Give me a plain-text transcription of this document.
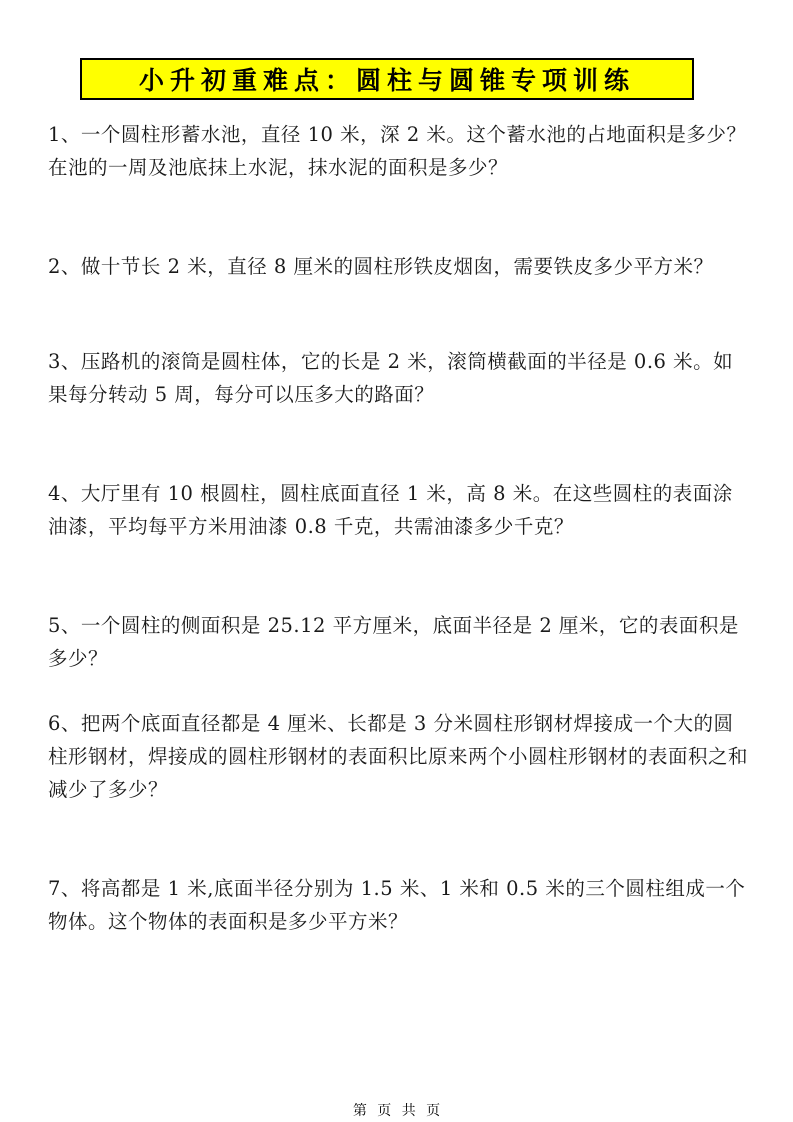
小升初重难点：圆柱与圆锥专项训练

1、一个圆柱形蓄水池，直径 10 米，深 2 米。这个蓄水池的占地面积是多少？在池的一周及池底抹上水泥，抹水泥的面积是多少？

2、做十节长 2 米，直径 8 厘米的圆柱形铁皮烟囱，需要铁皮多少平方米？

3、压路机的滚筒是圆柱体，它的长是 2 米，滚筒横截面的半径是 0.6 米。如果每分转动 5 周，每分可以压多大的路面？

4、大厅里有 10 根圆柱，圆柱底面直径 1 米，高 8 米。在这些圆柱的表面涂油漆，平均每平方米用油漆 0.8 千克，共需油漆多少千克？

5、一个圆柱的侧面积是 25.12 平方厘米，底面半径是 2 厘米，它的表面积是多少？

6、把两个底面直径都是 4 厘米、长都是 3 分米圆柱形钢材焊接成一个大的圆柱形钢材，焊接成的圆柱形钢材的表面积比原来两个小圆柱形钢材的表面积之和减少了多少？

7、将高都是 1 米,底面半径分别为 1.5 米、1 米和 0.5 米的三个圆柱组成一个物体。这个物体的表面积是多少平方米？

第 页 共 页
